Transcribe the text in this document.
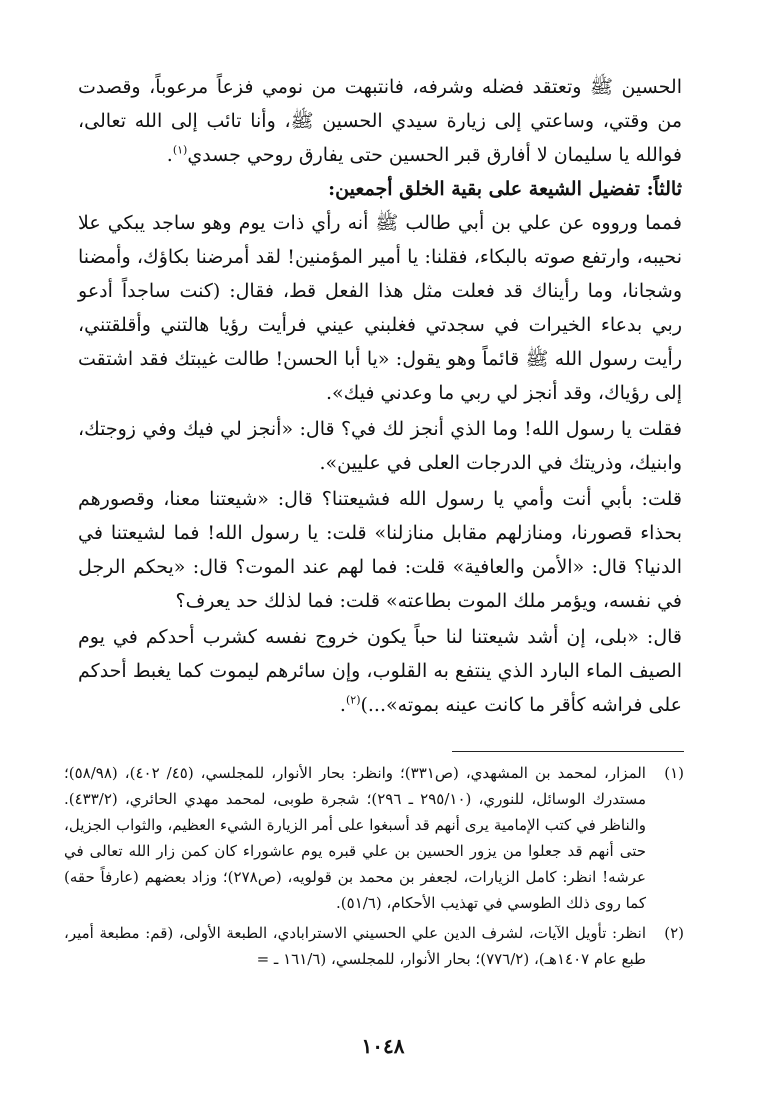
الحسين ﷺ وتعتقد فضله وشرفه، فانتبهت من نومي فزعاً مرعوباً، وقصدت من وقتي، وساعتي إلى زيارة سيدي الحسين ﷺ، وأنا تائب إلى الله تعالى، فوالله يا سليمان لا أفارق قبر الحسين حتى يفارق روحي جسدي$^{(١)}$.

ثالثاً: تفضيل الشيعة على بقية الخلق أجمعين:

فمما ورووه عن علي بن أبي طالب ﷺ أنه رأي ذات يوم وهو ساجد يبكي علا نحيبه، وارتفع صوته بالبكاء، فقلنا: يا أمير المؤمنين! لقد أمرضنا بكاؤك، وأمضنا وشجانا، وما رأيناك قد فعلت مثل هذا الفعل قط، فقال: (كنت ساجداً أدعو ربي بدعاء الخيرات في سجدتي فغلبني عيني فرأيت رؤيا هالتني وأقلقتني، رأيت رسول الله ﷺ قائماً وهو يقول: «يا أبا الحسن! طالت غيبتك فقد اشتقت إلى رؤياك، وقد أنجز لي ربي ما وعدني فيك».

فقلت يا رسول الله! وما الذي أنجز لك في؟ قال: «أنجز لي فيك وفي زوجتك، وابنيك، وذريتك في الدرجات العلى في عليين».

قلت: بأبي أنت وأمي يا رسول الله فشيعتنا؟ قال: «شيعتنا معنا، وقصورهم بحذاء قصورنا، ومنازلهم مقابل منازلنا» قلت: يا رسول الله! فما لشيعتنا في الدنيا؟ قال: «الأمن والعافية» قلت: فما لهم عند الموت؟ قال: «يحكم الرجل في نفسه، ويؤمر ملك الموت بطاعته» قلت: فما لذلك حد يعرف؟

قال: «بلى، إن أشد شيعتنا لنا حباً يكون خروج نفسه كشرب أحدكم في يوم الصيف الماء البارد الذي ينتفع به القلوب، وإن سائرهم ليموت كما يغبط أحدكم على فراشه كأقر ما كانت عينه بموته»...)$^{(٢)}$.

(١)
المزار، لمحمد بن المشهدي، (ص٣٣١)؛ وانظر: بحار الأنوار، للمجلسي، (٤٥/ ٤٠٢)، (٥٨/٩٨)؛ مستدرك الوسائل، للنوري، (٢٩٥/١٠ ـ ٢٩٦)؛ شجرة طوبى، لمحمد مهدي الحائري، (٤٣٣/٢). والناظر في كتب الإمامية يرى أنهم قد أسبغوا على أمر الزيارة الشيء العظيم، والثواب الجزيل، حتى أنهم قد جعلوا من يزور الحسين بن علي قبره يوم عاشوراء كان كمن زار الله تعالى في عرشه! انظر: كامل الزيارات، لجعفر بن محمد بن قولويه، (ص٢٧٨)؛ وزاد بعضهم (عارفاً حقه) كما روى ذلك الطوسي في تهذيب الأحكام، (٥١/٦).
(٢)
انظر: تأويل الآيات، لشرف الدين علي الحسيني الاسترابادي، الطبعة الأولى، (قم: مطبعة أمير، طبع عام ١٤٠٧هـ)، (٧٧٦/٢)؛ بحار الأنوار، للمجلسي، (١٦١/٦ ـ =
١٠٤٨
